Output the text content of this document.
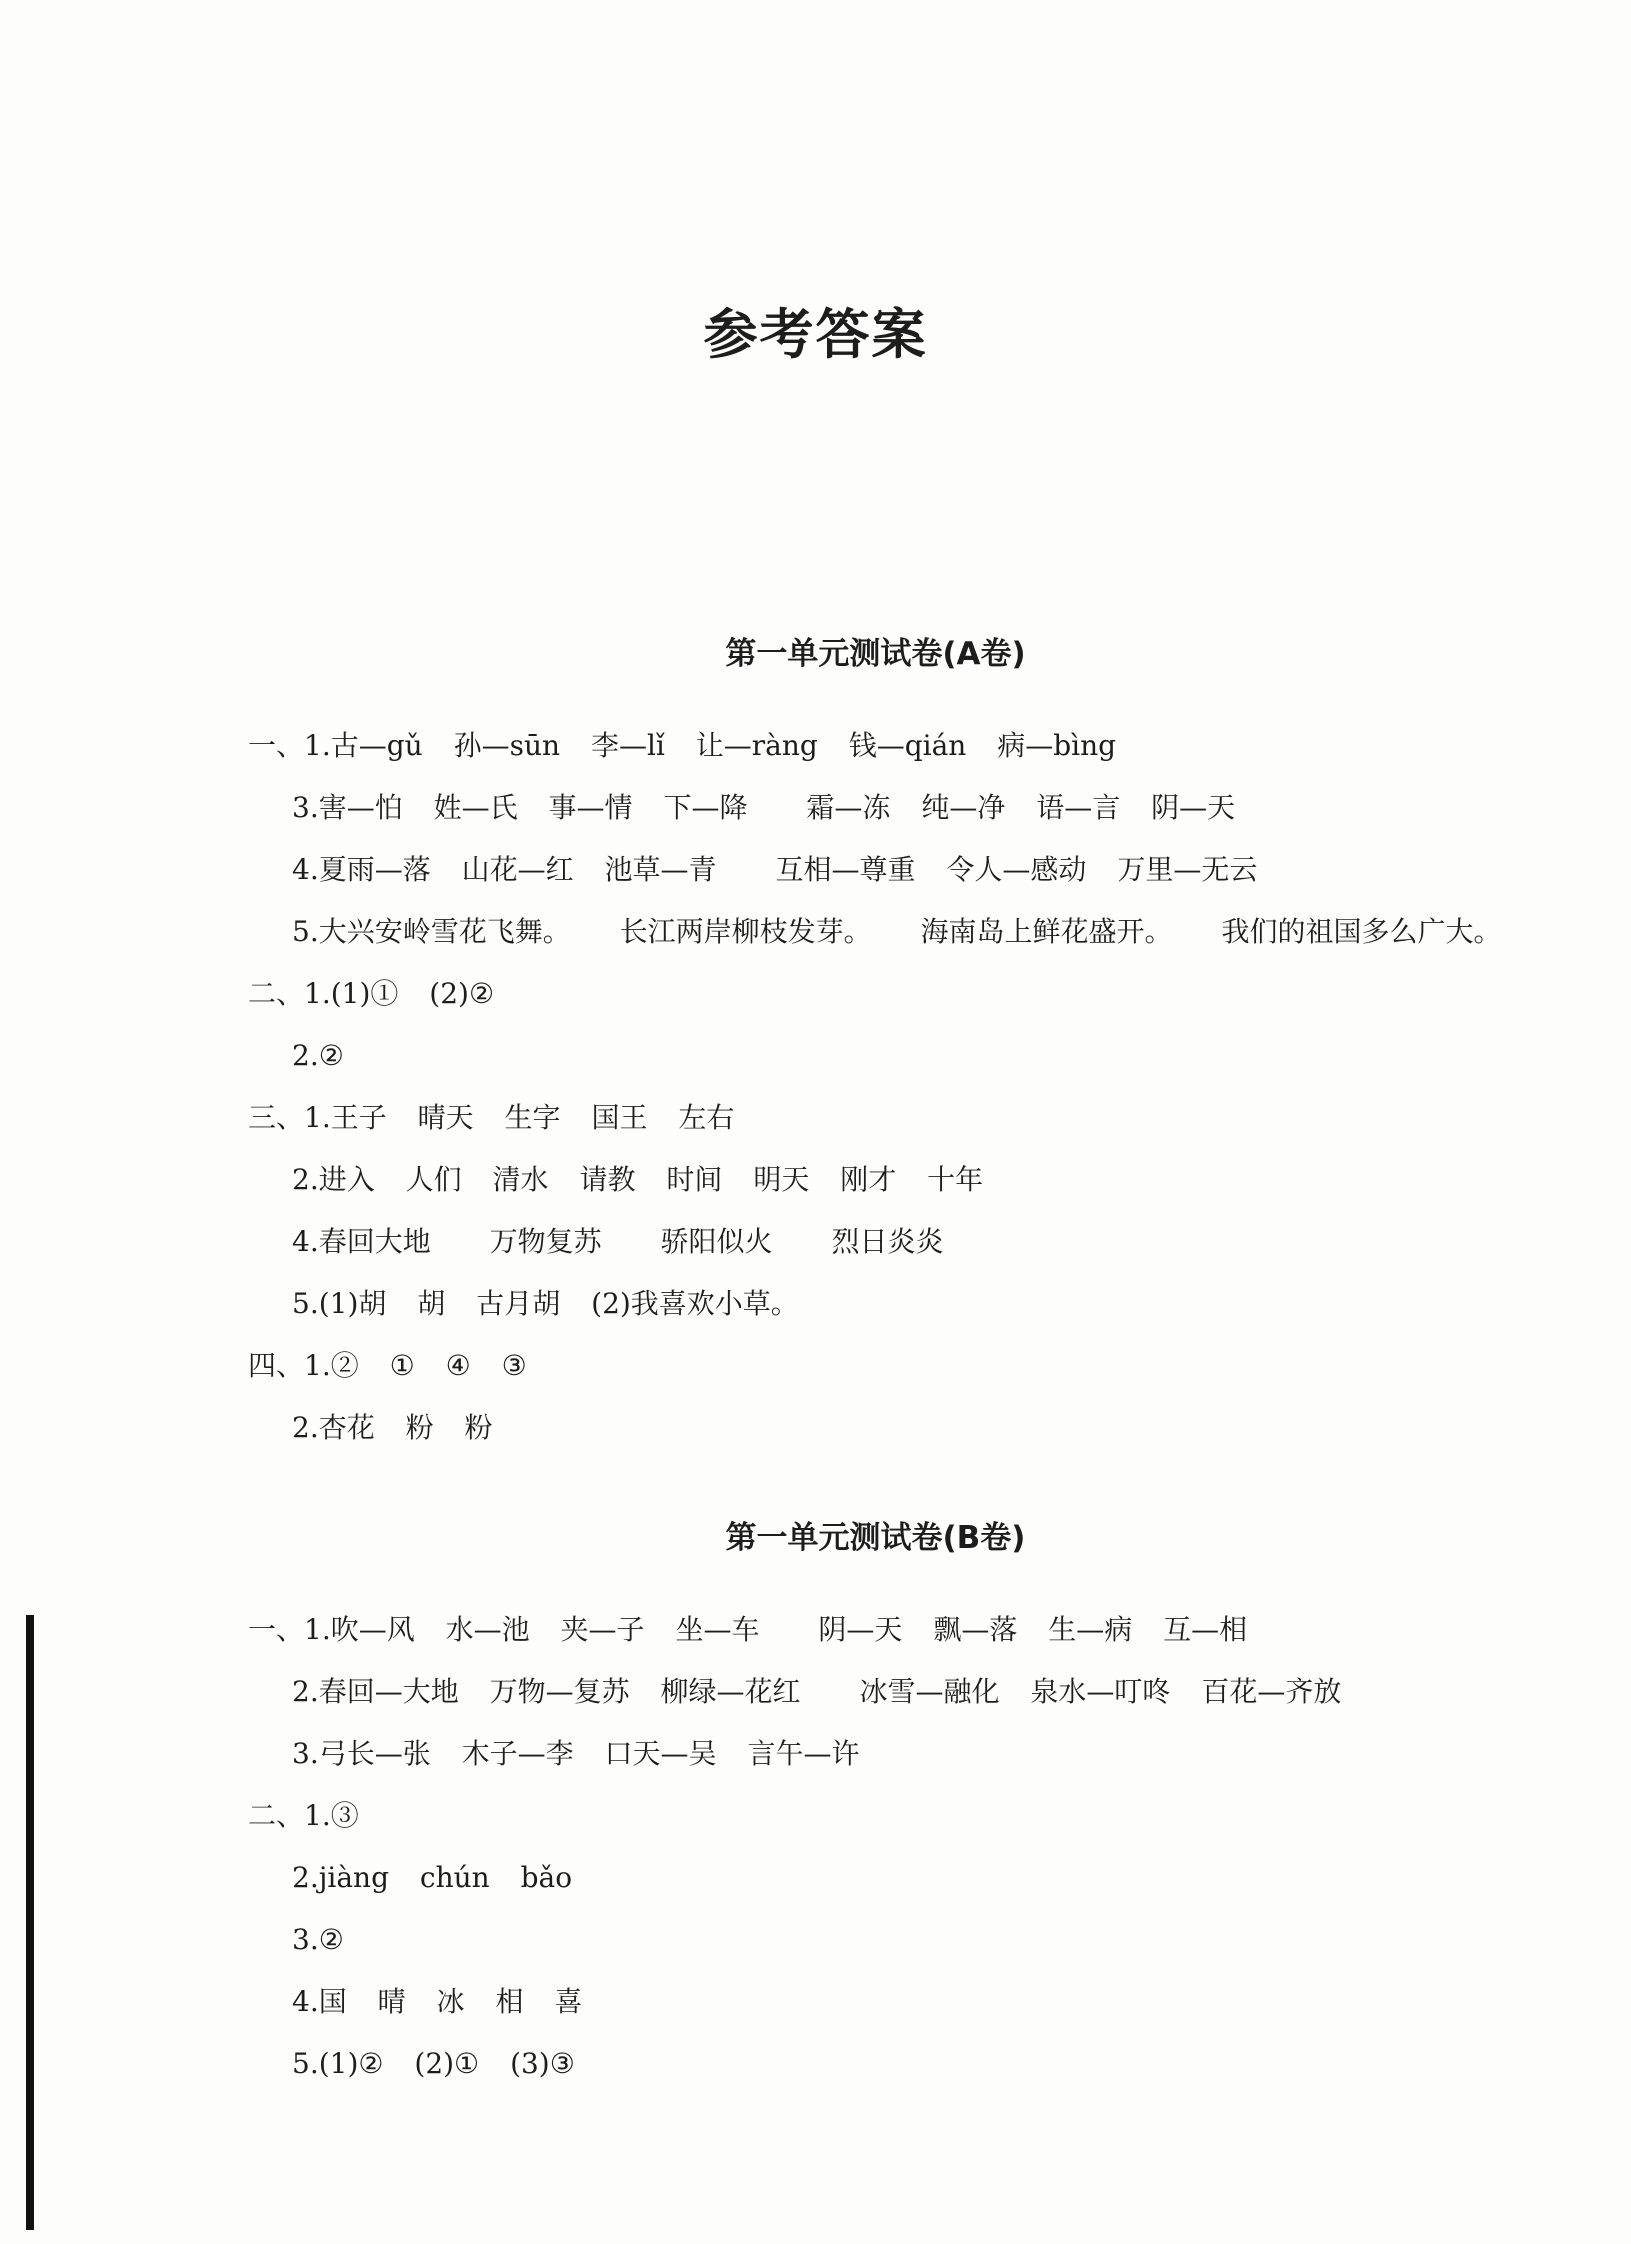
参考答案
第一单元测试卷(A卷)
一、1.古—gǔ 孙—sūn 李—lǐ 让—ràng 钱—qián 病—bìng
3.害—怕 姓—氏 事—情 下—降 霜—冻 纯—净 语—言 阴—天
4.夏雨—落 山花—红 池草—青 互相—尊重 令人—感动 万里—无云
5.大兴安岭雪花飞舞。 长江两岸柳枝发芽。 海南岛上鲜花盛开。 我们的祖国多么广大。
二、1.(1)① (2)②
2.②
三、1.王子 晴天 生字 国王 左右
2.进入 人们 清水 请教 时间 明天 刚才 十年
4.春回大地 万物复苏 骄阳似火 烈日炎炎
5.(1)胡 胡 古月胡 (2)我喜欢小草。
四、1.② ① ④ ③
2.杏花 粉 粉
第一单元测试卷(B卷)
一、1.吹—风 水—池 夹—子 坐—车 阴—天 飘—落 生—病 互—相
2.春回—大地 万物—复苏 柳绿—花红 冰雪—融化 泉水—叮咚 百花—齐放
3.弓长—张 木子—李 口天—吴 言午—许
二、1.③
2.jiàng chún bǎo
3.②
4.国 晴 冰 相 喜
5.(1)② (2)① (3)③
